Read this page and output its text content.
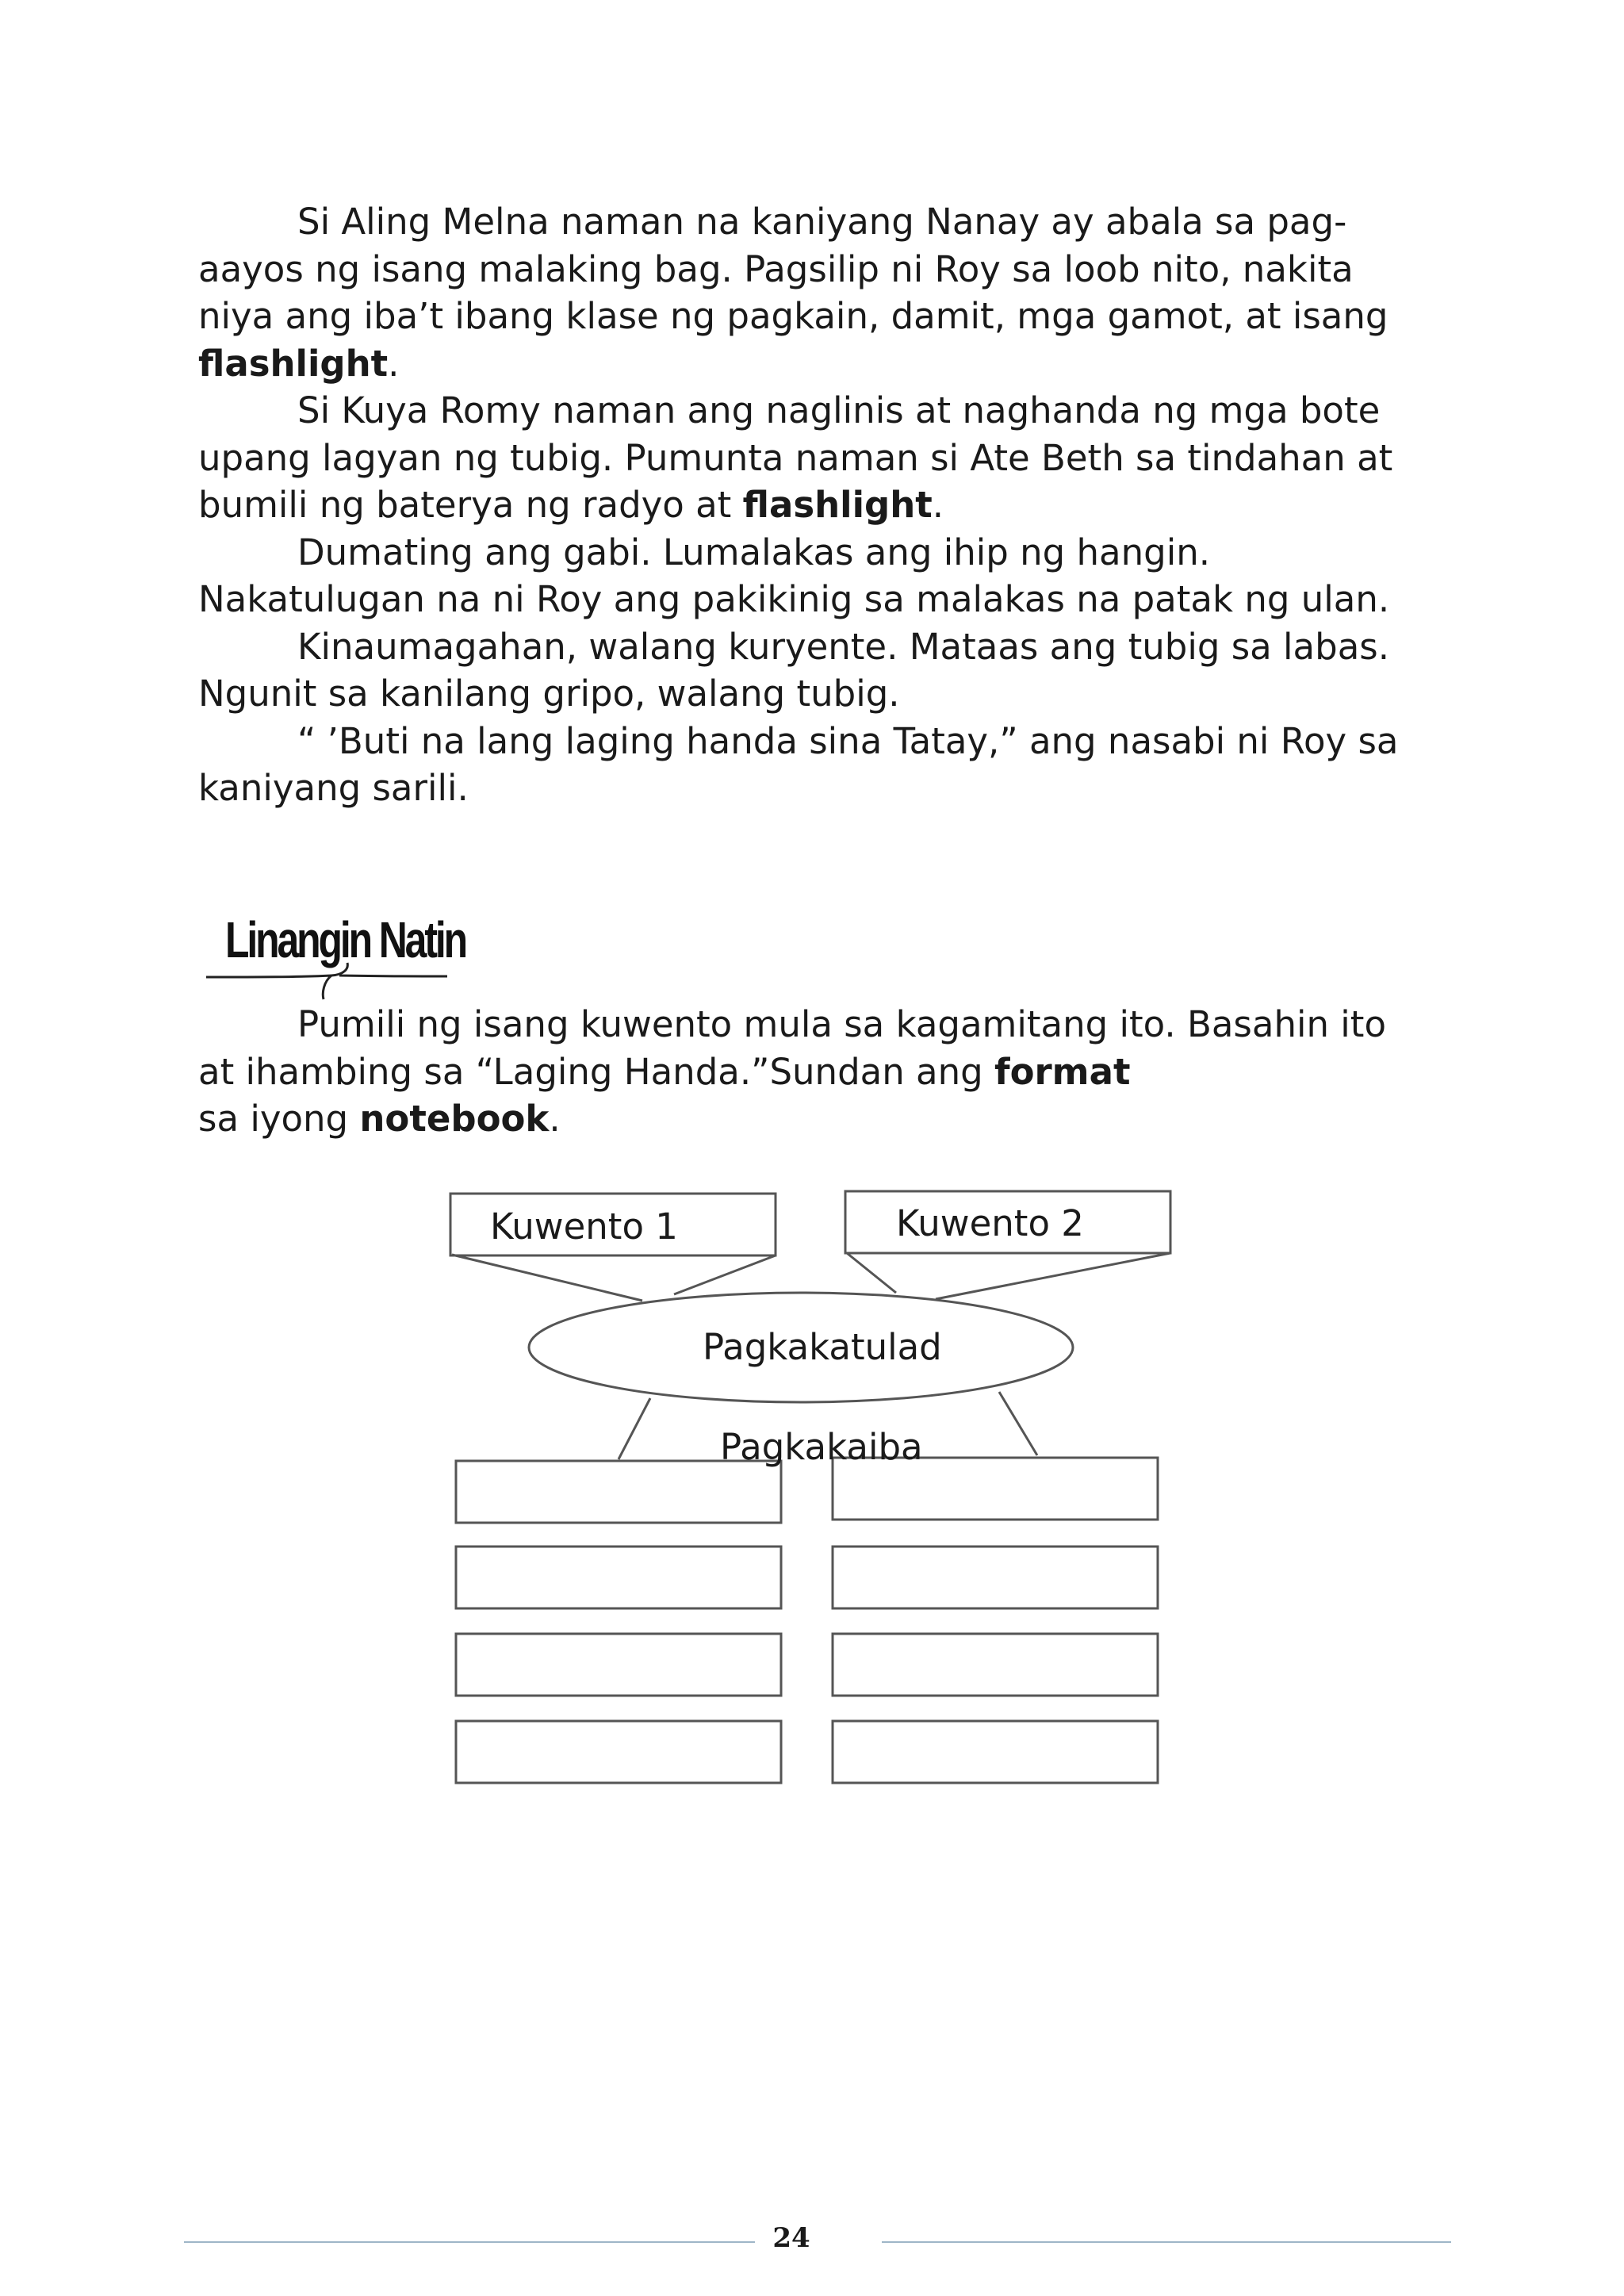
Si Aling Melna naman na kaniyang Nanay ay abala sa pag-aayos ng isang malaking bag. Pagsilip ni Roy sa loob nito, nakita niya ang iba’t ibang klase ng pagkain, damit, mga gamot, at isang flashlight.

Si Kuya Romy naman ang naglinis at naghanda ng mga bote upang lagyan ng tubig. Pumunta naman si Ate Beth sa tindahan at bumili ng baterya ng radyo at flashlight.

Dumating ang gabi. Lumalakas ang ihip ng hangin. Nakatulugan na ni Roy ang pakikinig sa malakas na patak ng ulan.

Kinaumagahan, walang kuryente. Mataas ang tubig sa labas. Ngunit sa kanilang gripo, walang tubig.

“ ’Buti na lang laging handa sina Tatay,” ang nasabi ni Roy sa kaniyang sarili.

Linangin Natin
Pumili ng isang kuwento mula sa kagamitang ito. Basahin ito
at ihambing sa “Laging Handa.”Sundan ang format
sa iyong notebook.
Kuwento 1	Kuwento 2
Pagkakatulad
Pagkakaiba
24
